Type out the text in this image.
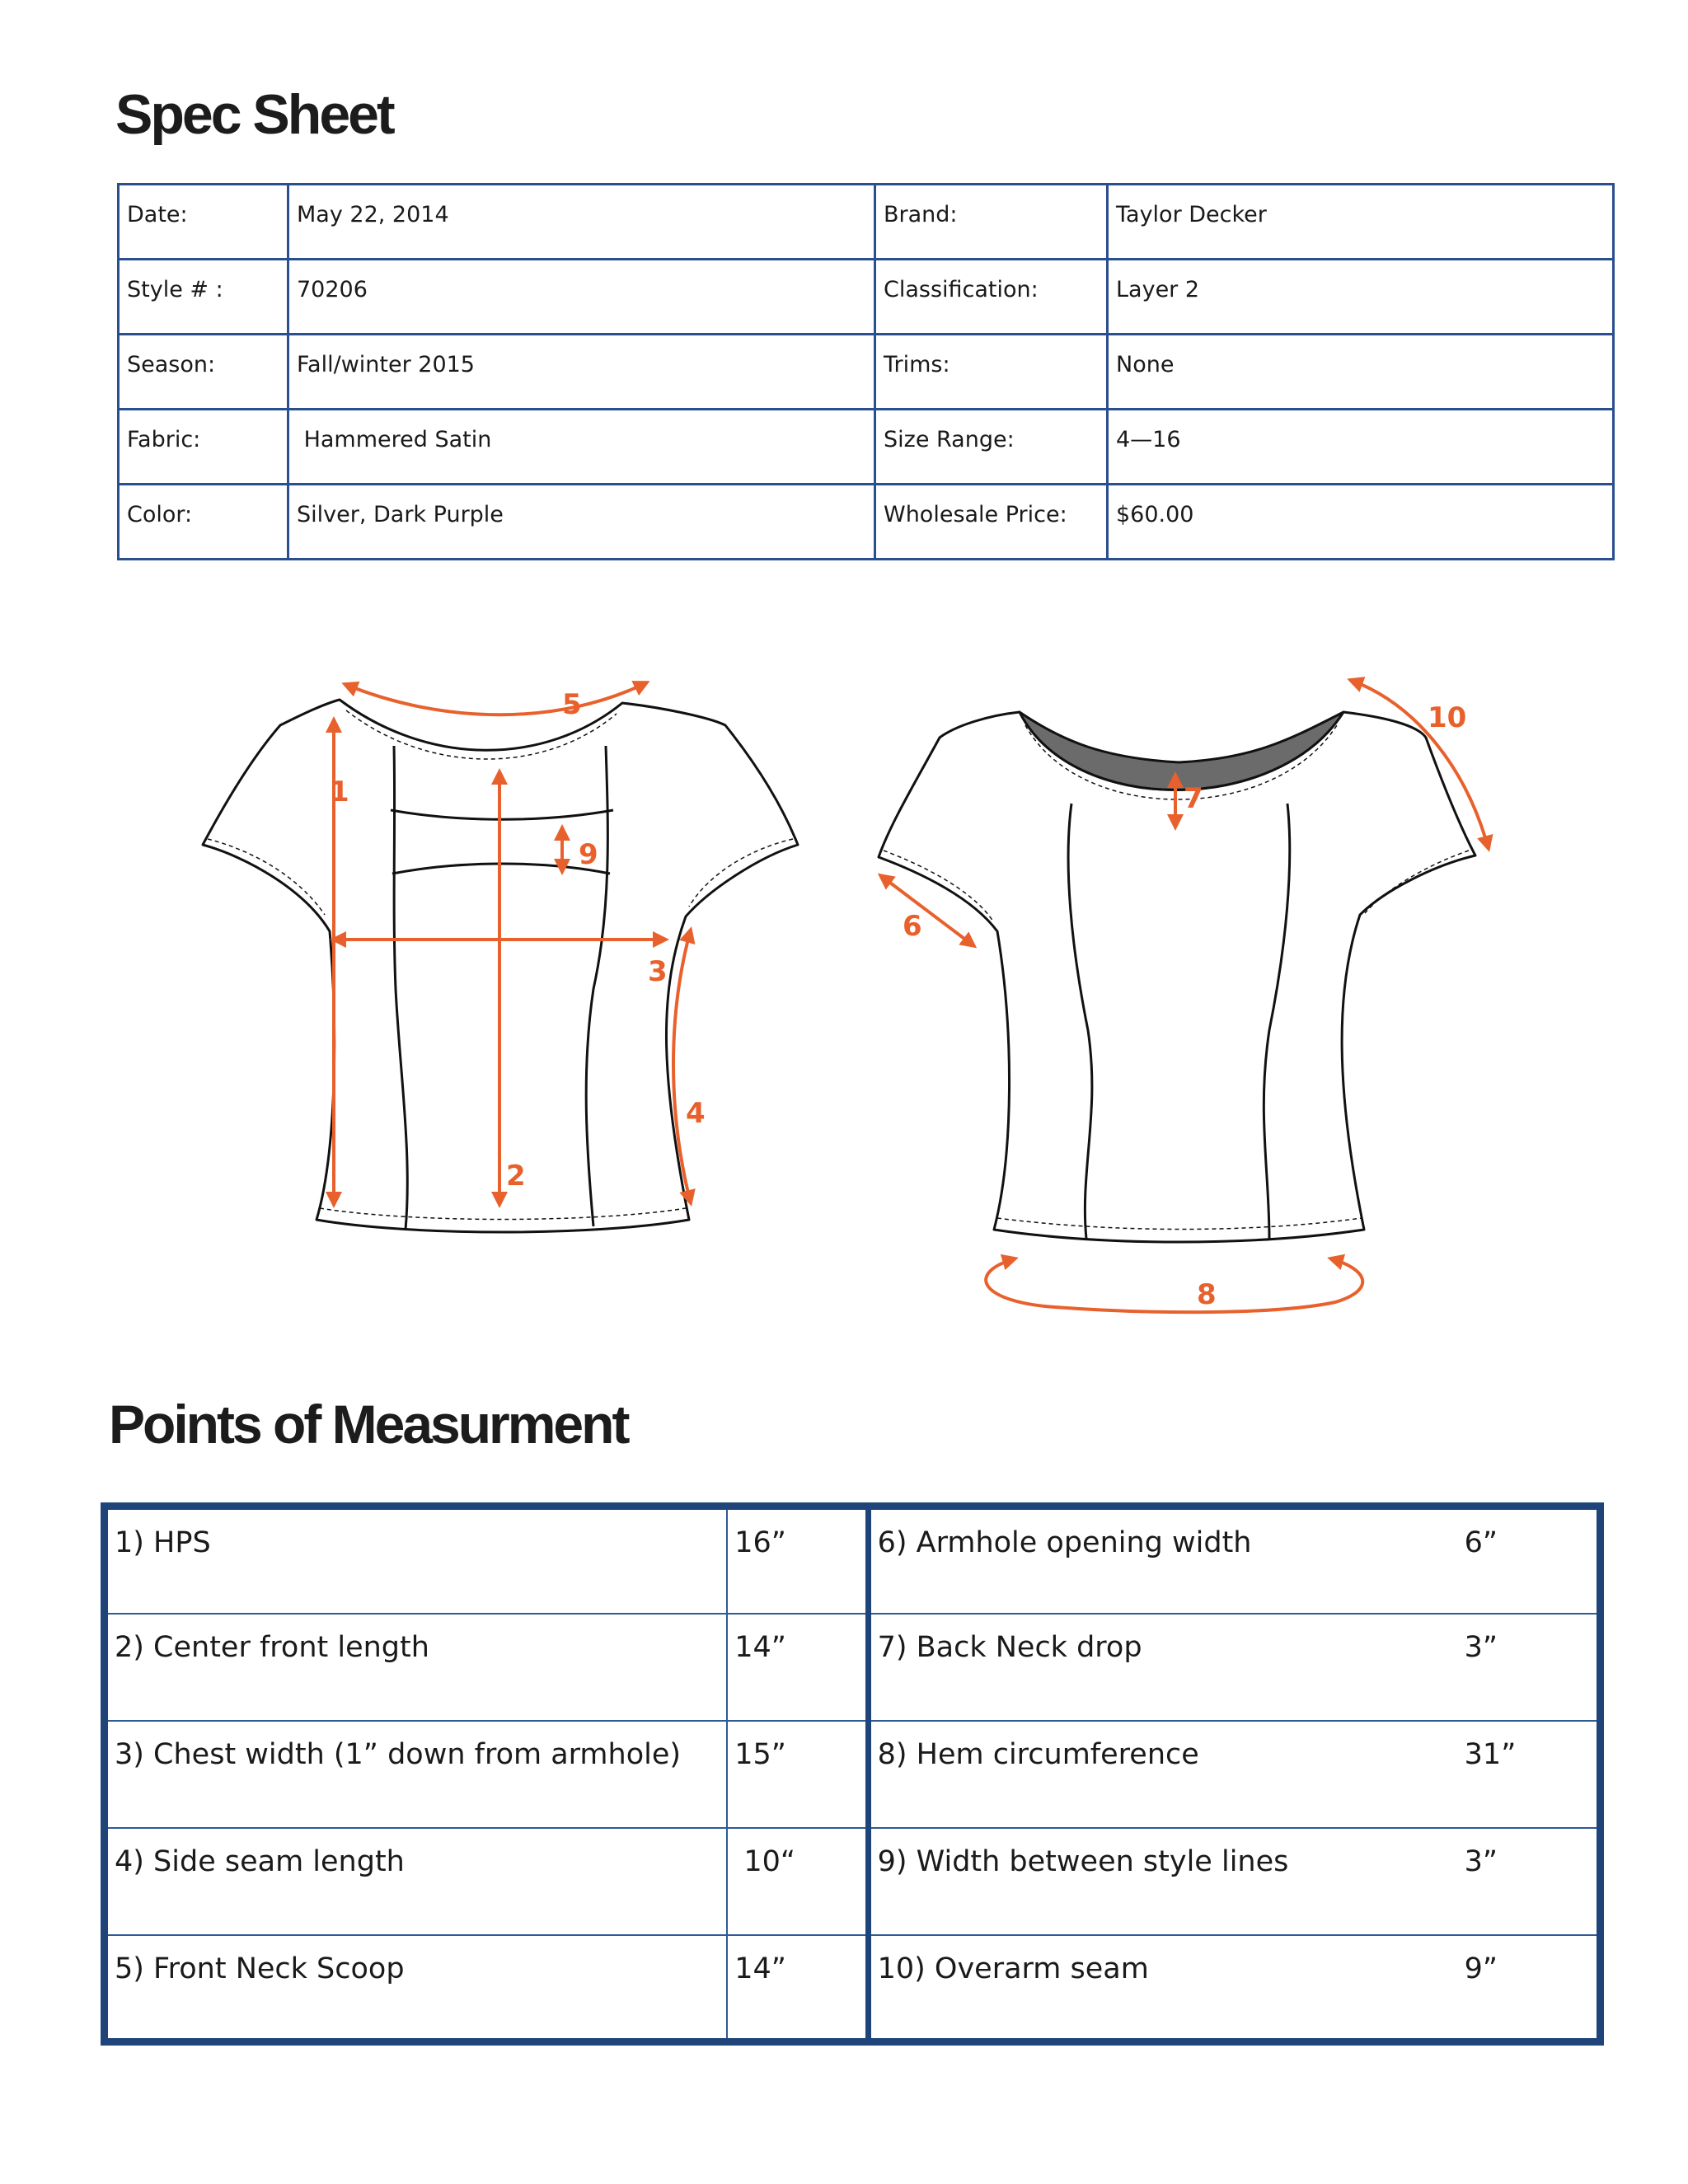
Spec Sheet
Date:	May 22, 2014	Brand:	Taylor Decker
Style # :	70206	Classification:	Layer 2
Season:	Fall/winter 2015	Trims:	None
Fabric:	Hammered Satin	Size Range:	4—16
Color:	Silver, Dark Purple	Wholesale Price:	$60.00
1
2
3
4
5
9
6
7
8
10
Points of Measurment
1) HPS	16”	6) Armhole opening width	6”
2) Center front length	14”	7) Back Neck drop	3”
3) Chest width (1” down from armhole)	15”	8) Hem circumference	31”
4) Side seam length	10“	9) Width between style lines	3”
5) Front Neck Scoop	14”	10) Overarm seam	9”
